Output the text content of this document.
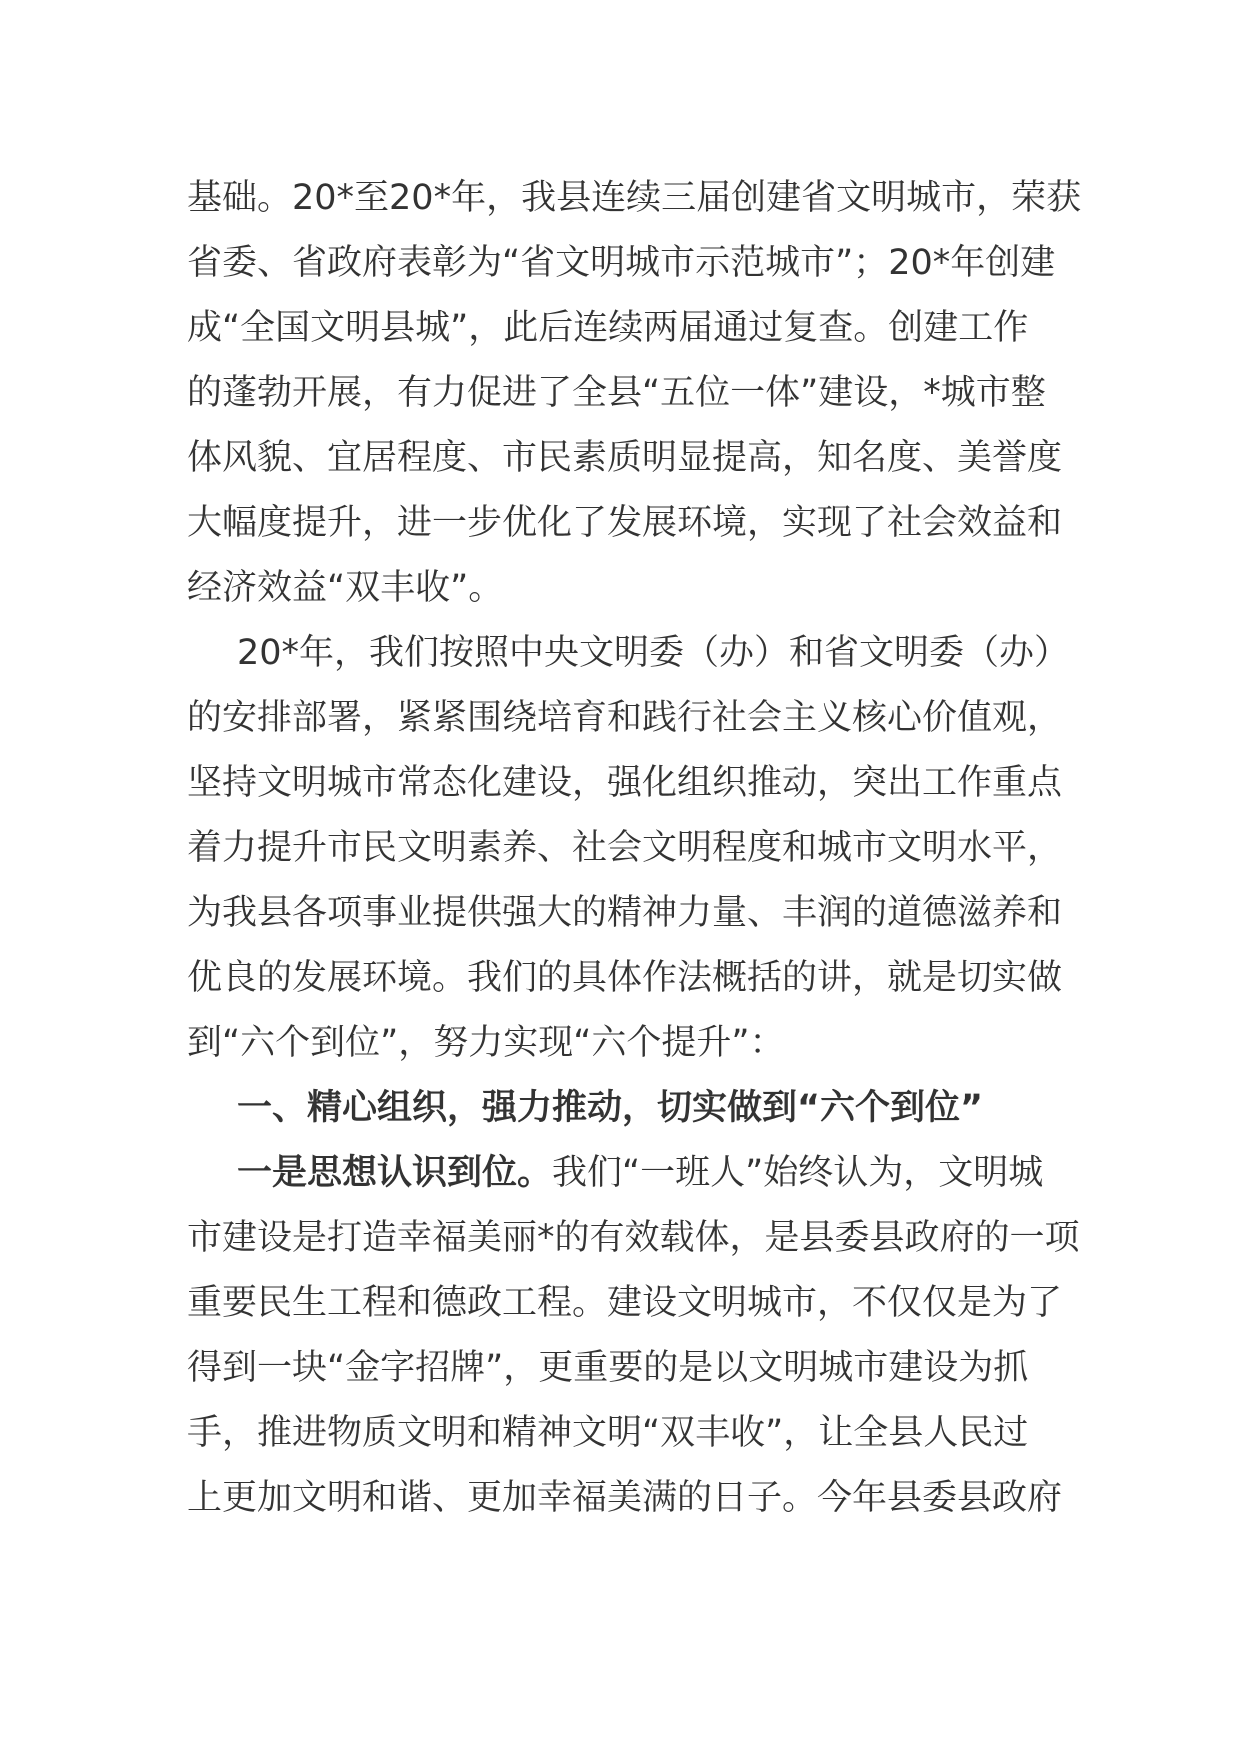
基础。20*至20*年，我县连续三届创建省文明城市，荣获
省委、省政府表彰为“省文明城市示范城市”；20*年创建
成“全国文明县城”，此后连续两届通过复查。创建工作
的蓬勃开展，有力促进了全县“五位一体”建设，*城市整
体风貌、宜居程度、市民素质明显提高，知名度、美誉度
大幅度提升，进一步优化了发展环境，实现了社会效益和
经济效益“双丰收”。
20*年，我们按照中央文明委（办）和省文明委（办）
的安排部署，紧紧围绕培育和践行社会主义核心价值观，
坚持文明城市常态化建设，强化组织推动，突出工作重点
着力提升市民文明素养、社会文明程度和城市文明水平，
为我县各项事业提供强大的精神力量、丰润的道德滋养和
优良的发展环境。我们的具体作法概括的讲，就是切实做
到“六个到位”，努力实现“六个提升”：
一、精心组织，强力推动，切实做到“六个到位”
一是思想认识到位。我们“一班人”始终认为，文明城
市建设是打造幸福美丽*的有效载体，是县委县政府的一项
重要民生工程和德政工程。建设文明城市，不仅仅是为了
得到一块“金字招牌”，更重要的是以文明城市建设为抓
手，推进物质文明和精神文明“双丰收”，让全县人民过
上更加文明和谐、更加幸福美满的日子。今年县委县政府
